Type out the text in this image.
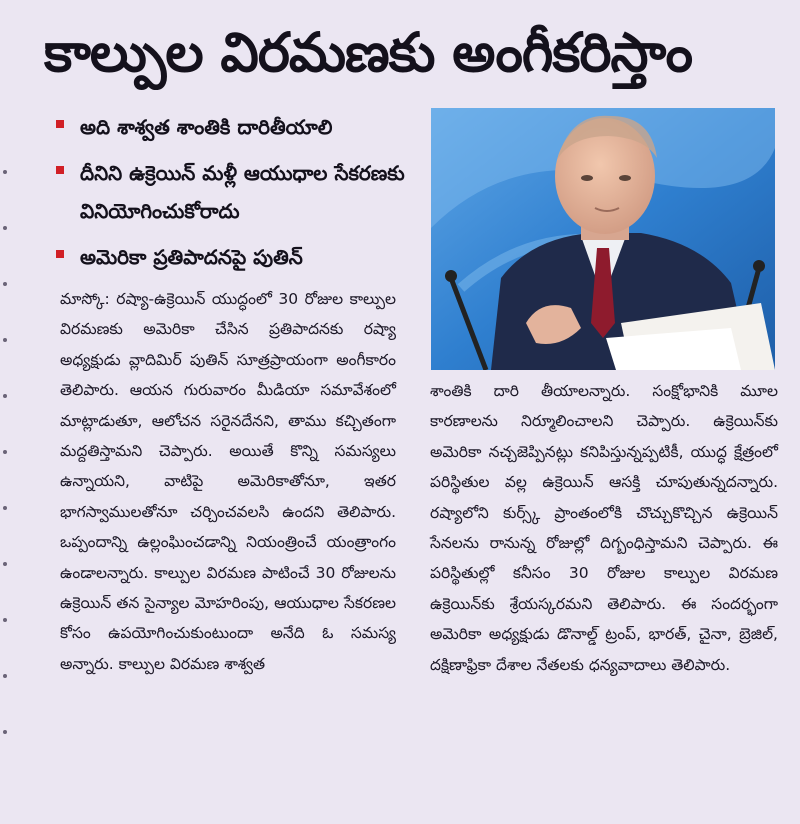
కాల్పుల విరమణకు అంగీకరిస్తాం
అది శాశ్వత శాంతికి దారితీయాలి
దీనిని ఉక్రెయిన్ మళ్లీ ఆయుధాల సేకరణకు వినియోగించుకోరాదు
అమెరికా ప్రతిపాదనపై పుతిన్

మాస్కో: రష్యా-ఉక్రెయిన్ యుద్ధంలో 30 రోజుల కాల్పుల విరమణకు అమెరికా చేసిన ప్రతిపాదనకు రష్యా అధ్యక్షుడు వ్లాదిమిర్ పుతిన్ సూత్రప్రాయంగా అంగీకారం తెలిపారు. ఆయన గురువారం మీడియా సమావేశంలో మాట్లాడుతూ, ఆలోచన సరైనదేనని, తాము కచ్చితంగా మద్దతిస్తామని చెప్పారు. అయితే కొన్ని సమస్యలు ఉన్నాయని, వాటిపై అమెరికాతోనూ, ఇతర భాగస్వాములతోనూ చర్చించవలసి ఉందని తెలిపారు. ఒప్పందాన్ని ఉల్లంఘించడాన్ని నియంత్రించే యంత్రాంగం ఉండాలన్నారు. కాల్పుల విరమణ పాటించే 30 రోజులను ఉక్రెయిన్ తన సైన్యాల మోహరింపు, ఆయుధాల సేకరణల కోసం ఉపయోగించుకుంటుందా అనేది ఓ సమస్య అన్నారు. కాల్పుల విరమణ శాశ్వత

శాంతికి దారి తీయాలన్నారు. సంక్షోభానికి మూల కారణాలను నిర్మూలించాలని చెప్పారు. ఉక్రెయిన్‌కు అమెరికా నచ్చజెప్పినట్లు కనిపిస్తున్నప్పటికీ, యుద్ధ క్షేత్రంలో పరిస్థితుల వల్ల ఉక్రెయిన్ ఆసక్తి చూపుతున్నదన్నారు. రష్యాలోని కుర్స్క్ ప్రాంతంలోకి చొచ్చుకొచ్చిన ఉక్రెయిన్ సేనలను రానున్న రోజుల్లో దిగ్బంధిస్తామని చెప్పారు. ఈ పరిస్థితుల్లో కనీసం 30 రోజుల కాల్పుల విరమణ ఉక్రెయిన్‌కు శ్రేయస్కరమని తెలిపారు. ఈ సందర్భంగా అమెరికా అధ్యక్షుడు డొనాల్డ్ ట్రంప్, భారత్, చైనా, బ్రెజిల్, దక్షిణాఫ్రికా దేశాల నేతలకు ధన్యవాదాలు తెలిపారు.
